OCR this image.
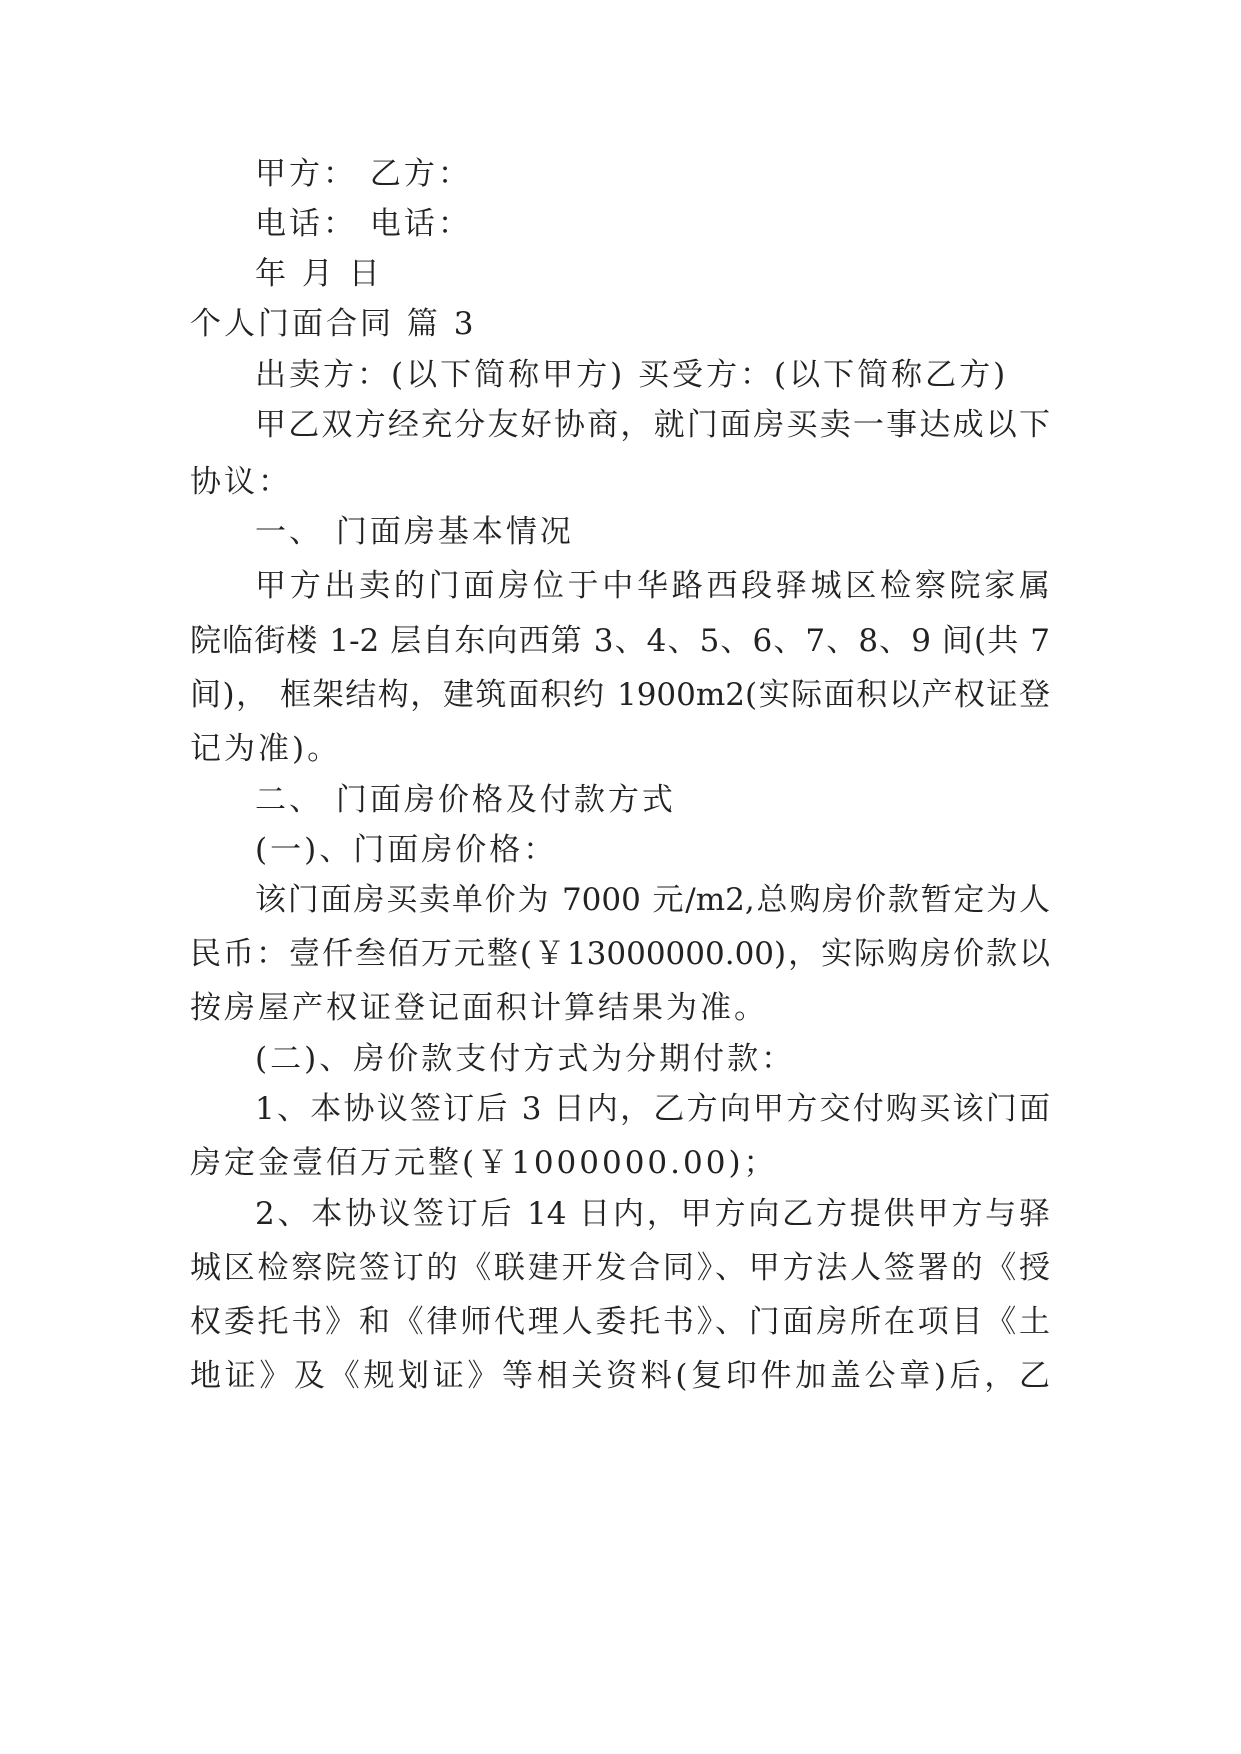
甲方： 乙方：
电话： 电话：
年 月 日
个人门面合同 篇 3
出卖方：(以下简称甲方) 买受方：(以下简称乙方)
甲乙双方经充分友好协商，就门面房买卖一事达成以下
协议：
一、 门面房基本情况
甲方出卖的门面房位于中华路西段驿城区检察院家属
院临街楼 1-2 层自东向西第 3、4、5、6、7、8、9 间(共 7
间)， 框架结构，建筑面积约 1900m2(实际面积以产权证登
记为准)。
二、 门面房价格及付款方式
(一)、门面房价格：
该门面房买卖单价为 7000 元/m2,总购房价款暂定为人
民币：壹仟叁佰万元整(￥13000000.00)，实际购房价款以
按房屋产权证登记面积计算结果为准。
(二)、房价款支付方式为分期付款：
1、本协议签订后 3 日内，乙方向甲方交付购买该门面
房定金壹佰万元整(￥1000000.00)；
2、本协议签订后 14 日内，甲方向乙方提供甲方与驿
城区检察院签订的《联建开发合同》、甲方法人签署的《授
权委托书》和《律师代理人委托书》、门面房所在项目《土
地证》及《规划证》等相关资料(复印件加盖公章)后，乙
